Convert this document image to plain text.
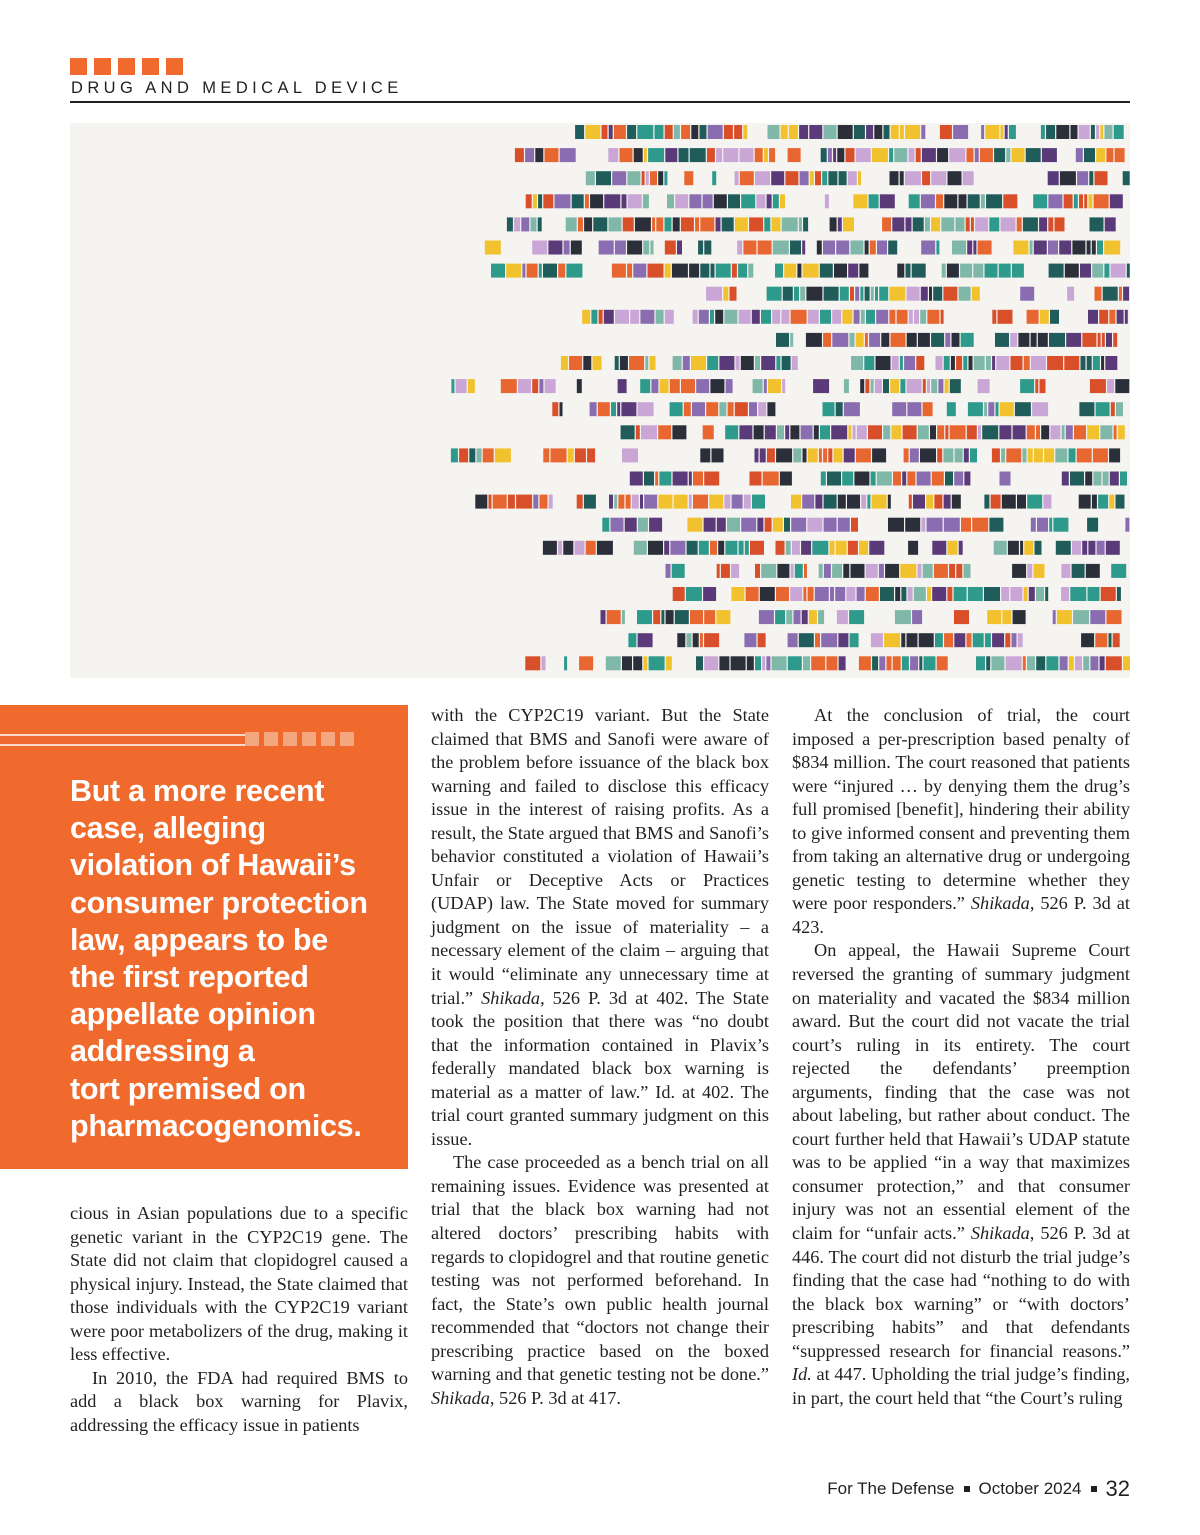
DRUG AND MEDICAL DEVICE

But a more recent
case, alleging
violation of Hawaii’s
consumer protection
law, appears to be
the first reported
appellate opinion
addressing a
tort premised on
pharmacogenomics.

cious in Asian populations due to a specific genetic variant in the CYP2C19 gene. The State did not claim that clopidogrel caused a physical injury. Instead, the State claimed that those individuals with the CYP2C19 variant were poor metabolizers of the drug, making it less effective.

In 2010, the FDA had required BMS to add a black box warning for Plavix, addressing the efficacy issue in patients

with the CYP2C19 variant. But the State claimed that BMS and Sanofi were aware of the problem before issuance of the black box warning and failed to disclose this efficacy issue in the interest of raising profits. As a result, the State argued that BMS and Sanofi’s behavior constituted a violation of Hawaii’s Unfair or Deceptive Acts or Practices (UDAP) law. The State moved for summary judgment on the issue of materiality – a necessary element of the claim – arguing that it would “eliminate any unnecessary time at trial.” Shikada, 526 P. 3d at 402. The State took the position that there was “no doubt that the information contained in Plavix’s federally mandated black box warning is material as a matter of law.” Id. at 402. The trial court granted summary judgment on this issue.

The case proceeded as a bench trial on all remaining issues. Evidence was presented at trial that the black box warning had not altered doctors’ prescribing habits with regards to clopidogrel and that routine genetic testing was not performed beforehand. In fact, the State’s own public health journal recommended that “doctors not change their prescribing practice based on the boxed warning and that genetic testing not be done.” Shikada, 526 P. 3d at 417.

At the conclusion of trial, the court imposed a per-prescription based penalty of $834 million. The court reasoned that patients were “injured … by denying them the drug’s full promised [benefit], hindering their ability to give informed consent and preventing them from taking an alternative drug or undergoing genetic testing to determine whether they were poor responders.” Shikada, 526 P. 3d at 423.

On appeal, the Hawaii Supreme Court reversed the granting of summary judgment on materiality and vacated the $834 million award. But the court did not vacate the trial court’s ruling in its entirety. The court rejected the defendants’ preemption arguments, finding that the case was not about labeling, but rather about conduct. The court further held that Hawaii’s UDAP statute was to be applied “in a way that maximizes consumer protection,” and that consumer injury was not an essential element of the claim for “unfair acts.” Shikada, 526 P. 3d at 446. The court did not disturb the trial judge’s finding that the case had “nothing to do with the black box warning” or “with doctors’ prescribing habits” and that defendants “suppressed research for financial reasons.” Id. at 447. Upholding the trial judge’s finding, in part, the court held that “the Court’s ruling

For The Defense October 2024 32
